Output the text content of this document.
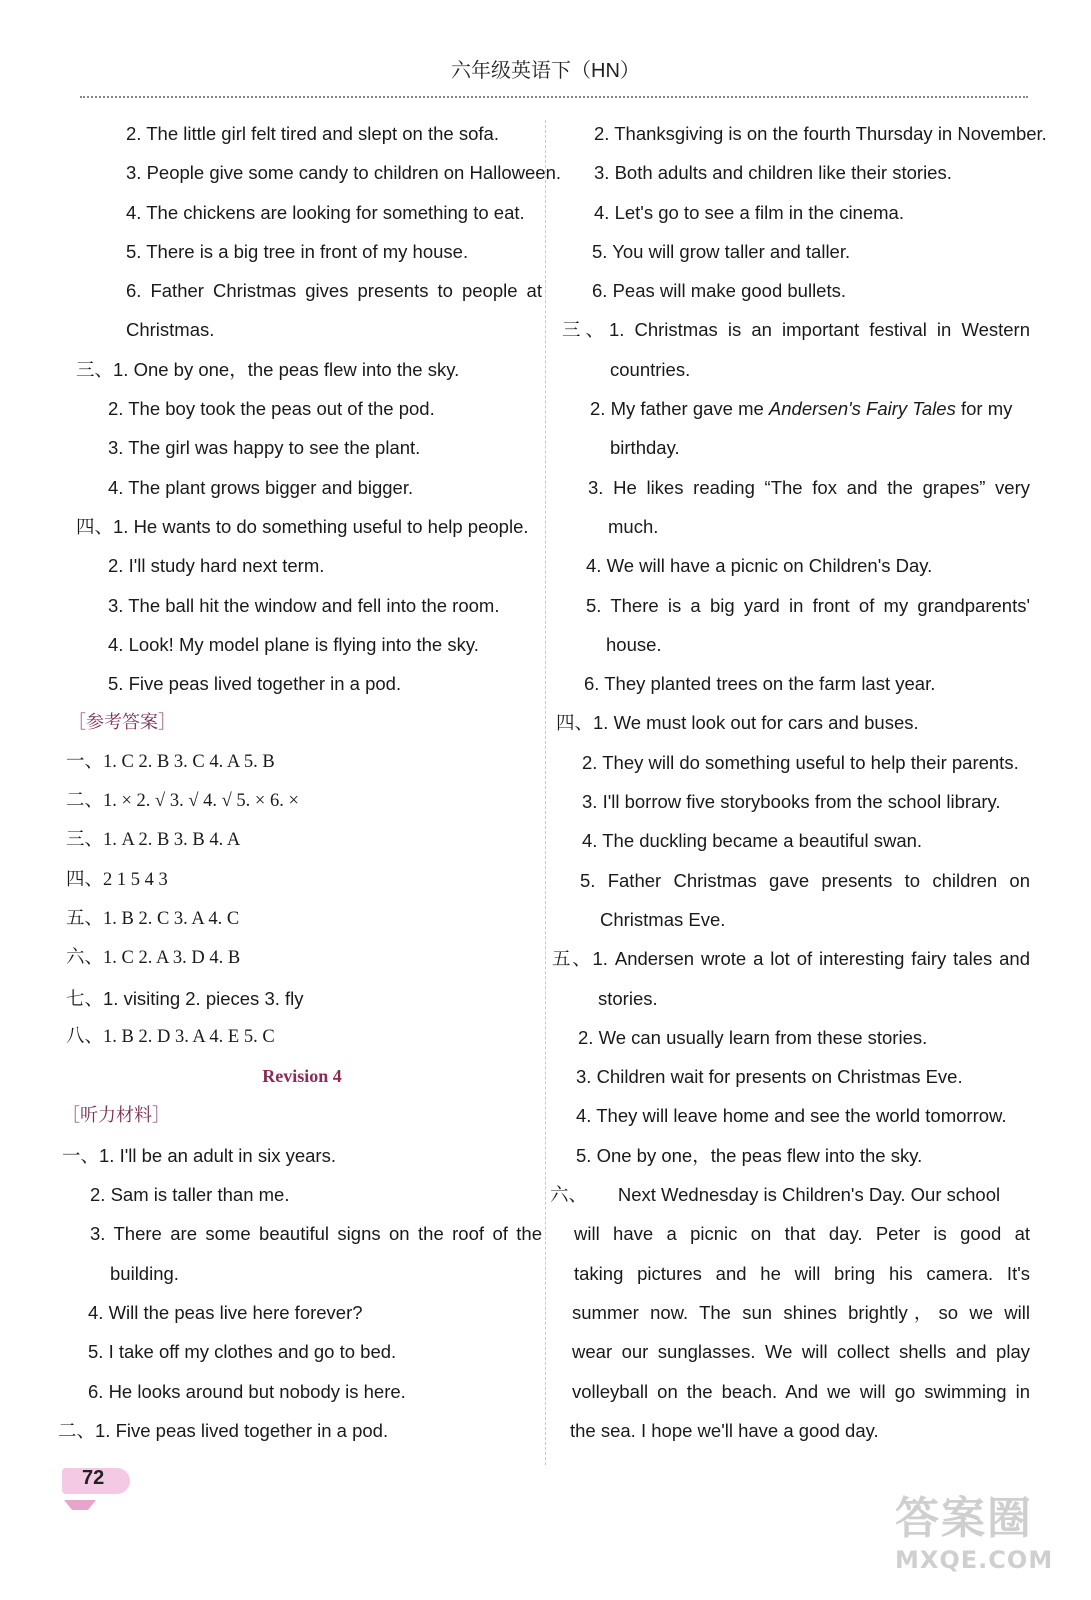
六年级英语下（HN）
2. The little girl felt tired and slept on the sofa.
3. People give some candy to children on Halloween.
4. The chickens are looking for something to eat.
5. There is a big tree in front of my house.
6. Father Christmas gives presents to people at
Christmas.
三、1. One by one，the peas flew into the sky.
2. The boy took the peas out of the pod.
3. The girl was happy to see the plant.
4. The plant grows bigger and bigger.
四、1. He wants to do something useful to help people.
2. I'll study hard next term.
3. The ball hit the window and fell into the room.
4. Look! My model plane is flying into the sky.
5. Five peas lived together in a pod.
［参考答案］
一、1. C 2. B 3. C 4. A 5. B
二、1. × 2. √ 3. √ 4. √ 5. × 6. ×
三、1. A 2. B 3. B 4. A
四、2 1 5 4 3
五、1. B 2. C 3. A 4. C
六、1. C 2. A 3. D 4. B
七、1. visiting 2. pieces 3. fly
八、1. B 2. D 3. A 4. E 5. C
Revision 4
［听力材料］
一、1. I'll be an adult in six years.
2. Sam is taller than me.
3. There are some beautiful signs on the roof of the
building.
4. Will the peas live here forever?
5. I take off my clothes and go to bed.
6. He looks around but nobody is here.
二、1. Five peas lived together in a pod.
2. Thanksgiving is on the fourth Thursday in November.
3. Both adults and children like their stories.
4. Let's go to see a film in the cinema.
5. You will grow taller and taller.
6. Peas will make good bullets.
三、1. Christmas is an important festival in Western
countries.
2. My father gave me Andersen's Fairy Tales for my
birthday.
3. He likes reading “The fox and the grapes” very
much.
4. We will have a picnic on Children's Day.
5. There is a big yard in front of my grandparents'
house.
6. They planted trees on the farm last year.
四、1. We must look out for cars and buses.
2. They will do something useful to help their parents.
3. I'll borrow five storybooks from the school library.
4. The duckling became a beautiful swan.
5. Father Christmas gave presents to children on
Christmas Eve.
五、1. Andersen wrote a lot of interesting fairy tales and
stories.
2. We can usually learn from these stories.
3. Children wait for presents on Christmas Eve.
4. They will leave home and see the world tomorrow.
5. One by one，the peas flew into the sky.
六、      Next Wednesday is Children's Day. Our school
will have a picnic on that day. Peter is good at
taking pictures and he will bring his camera. It's
summer now. The sun shines brightly，so we will
wear our sunglasses. We will collect shells and play
volleyball on the beach. And we will go swimming in
the sea. I hope we'll have a good day.
72
答案圈
MXQE.COM
